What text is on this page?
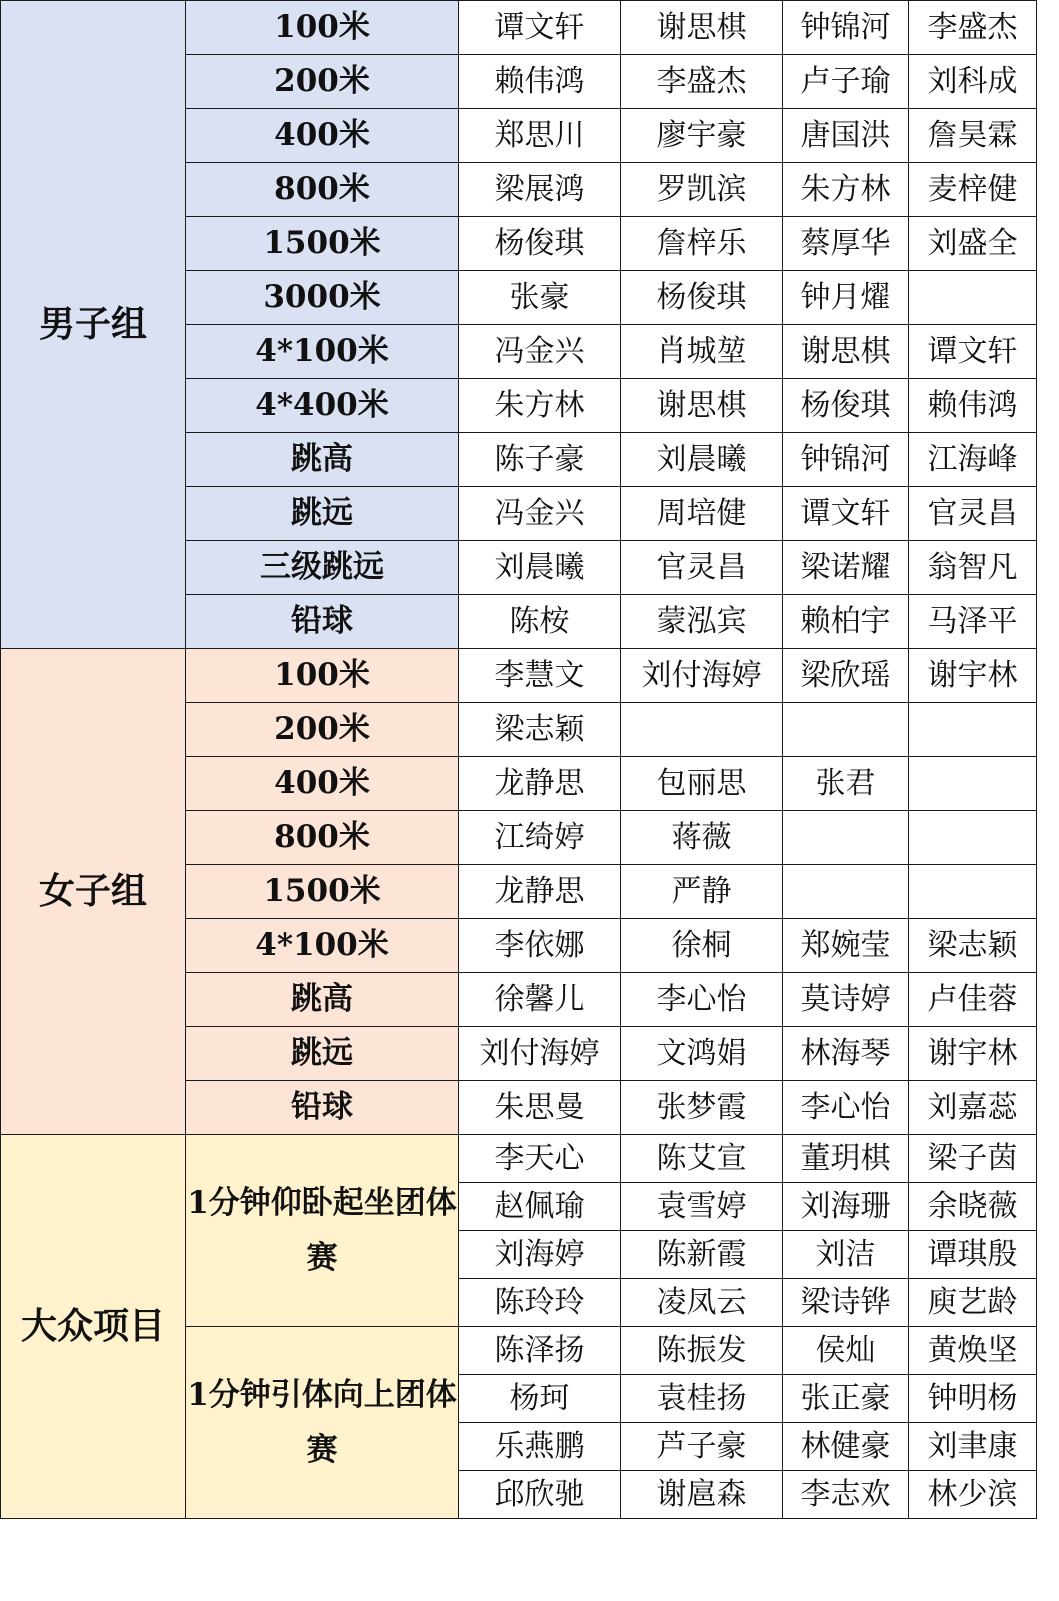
男子组	100米	谭文轩	谢思棋	钟锦河	李盛杰
	200米	赖伟鸿	李盛杰	卢子瑜	刘科成
	400米	郑思川	廖宇豪	唐国洪	詹昊霖
	800米	梁展鸿	罗凯滨	朱方林	麦梓健
	1500米	杨俊琪	詹梓乐	蔡厚华	刘盛全
	3000米	张豪	杨俊琪	钟月燿	
	4*100米	冯金兴	肖城堃	谢思棋	谭文轩
	4*400米	朱方林	谢思棋	杨俊琪	赖伟鸿
	跳高	陈子豪	刘晨曦	钟锦河	江海峰
	跳远	冯金兴	周培健	谭文轩	官灵昌
	三级跳远	刘晨曦	官灵昌	梁诺耀	翁智凡
	铅球	陈桉	蒙泓宾	赖柏宇	马泽平
女子组	100米	李慧文	刘付海婷	梁欣瑶	谢宇林
	200米	梁志颖			
	400米	龙静思	包丽思	张君	
	800米	江绮婷	蒋薇		
	1500米	龙静思	严静		
	4*100米	李依娜	徐桐	郑婉莹	梁志颖
	跳高	徐馨儿	李心怡	莫诗婷	卢佳蓉
	跳远	刘付海婷	文鸿娟	林海琴	谢宇林
	铅球	朱思曼	张梦霞	李心怡	刘嘉蕊
大众项目	1分钟仰卧起坐团体赛	李天心	陈艾宣	董玥棋	梁子茵
		赵佩瑜	袁雪婷	刘海珊	余晓薇
		刘海婷	陈新霞	刘洁	谭琪殷
		陈玲玲	凌凤云	梁诗铧	庾艺龄
	1分钟引体向上团体赛	陈泽扬	陈振发	侯灿	黄焕坚
		杨珂	袁桂扬	张正豪	钟明杨
		乐燕鹏	芦子豪	林健豪	刘聿康
		邱欣驰	谢扈森	李志欢	林少滨
